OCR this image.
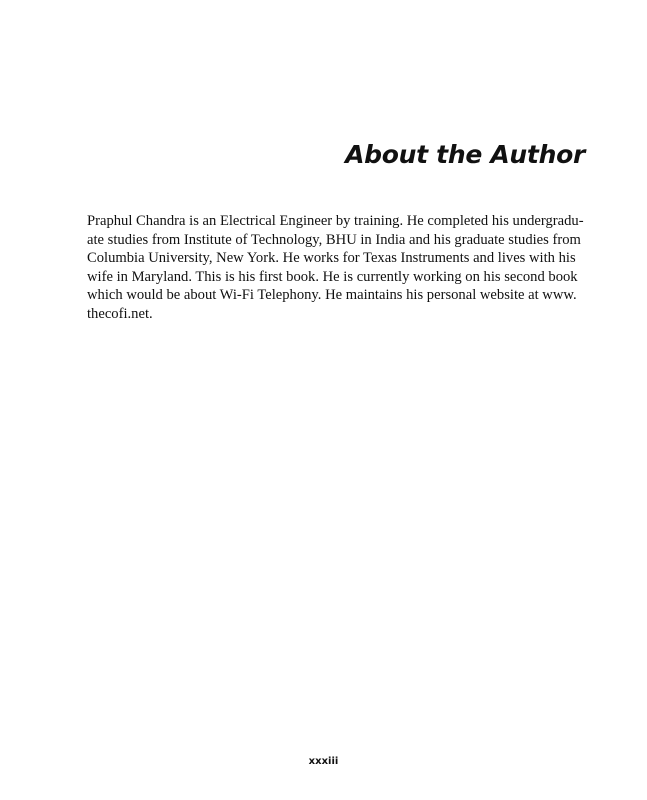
About the Author
Praphul Chandra is an Electrical Engineer by training. He completed his undergradu-
ate studies from Institute of Technology, BHU in India and his graduate studies from
Columbia University, New York. He works for Texas Instruments and lives with his
wife in Maryland. This is his first book. He is currently working on his second book
which would be about Wi-Fi Telephony. He maintains his personal website at www.
thecofi.net.
xxxiii
